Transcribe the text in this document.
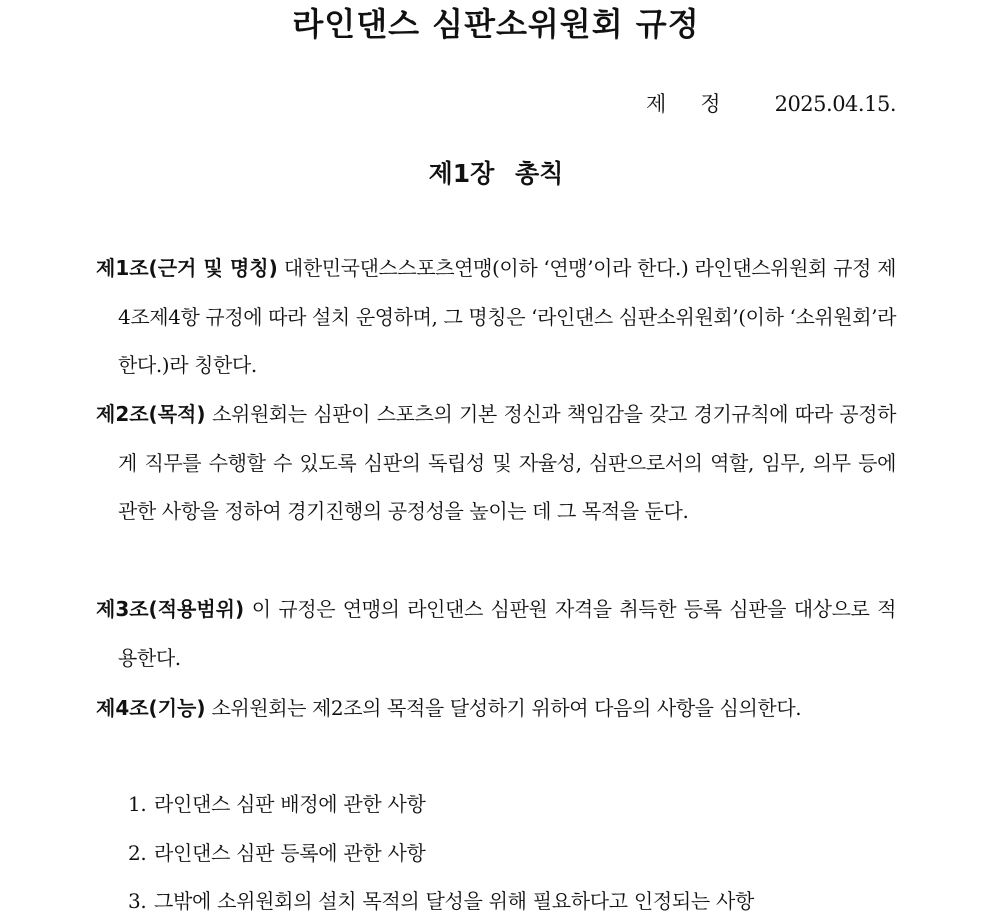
라인댄스 심판소위원회 규정
제정 2025.04.15.
제1장 총칙
제1조(근거 및 명칭) 대한민국댄스스포츠연맹(이하 ‘연맹’이라 한다.) 라인댄스위원회 규정 제4조제4항 규정에 따라 설치 운영하며, 그 명칭은 ‘라인댄스 심판소위원회’(이하 ‘소위원회’라 한다.)라 칭한다.
제2조(목적) 소위원회는 심판이 스포츠의 기본 정신과 책임감을 갖고 경기규칙에 따라 공정하게 직무를 수행할 수 있도록 심판의 독립성 및 자율성, 심판으로서의 역할, 임무, 의무 등에 관한 사항을 정하여 경기진행의 공정성을 높이는 데 그 목적을 둔다.
제3조(적용범위) 이 규정은 연맹의 라인댄스 심판원 자격을 취득한 등록 심판을 대상으로 적용한다.
제4조(기능) 소위원회는 제2조의 목적을 달성하기 위하여 다음의 사항을 심의한다.
1. 라인댄스 심판 배정에 관한 사항
2. 라인댄스 심판 등록에 관한 사항
3. 그밖에 소위원회의 설치 목적의 달성을 위해 필요하다고 인정되는 사항
